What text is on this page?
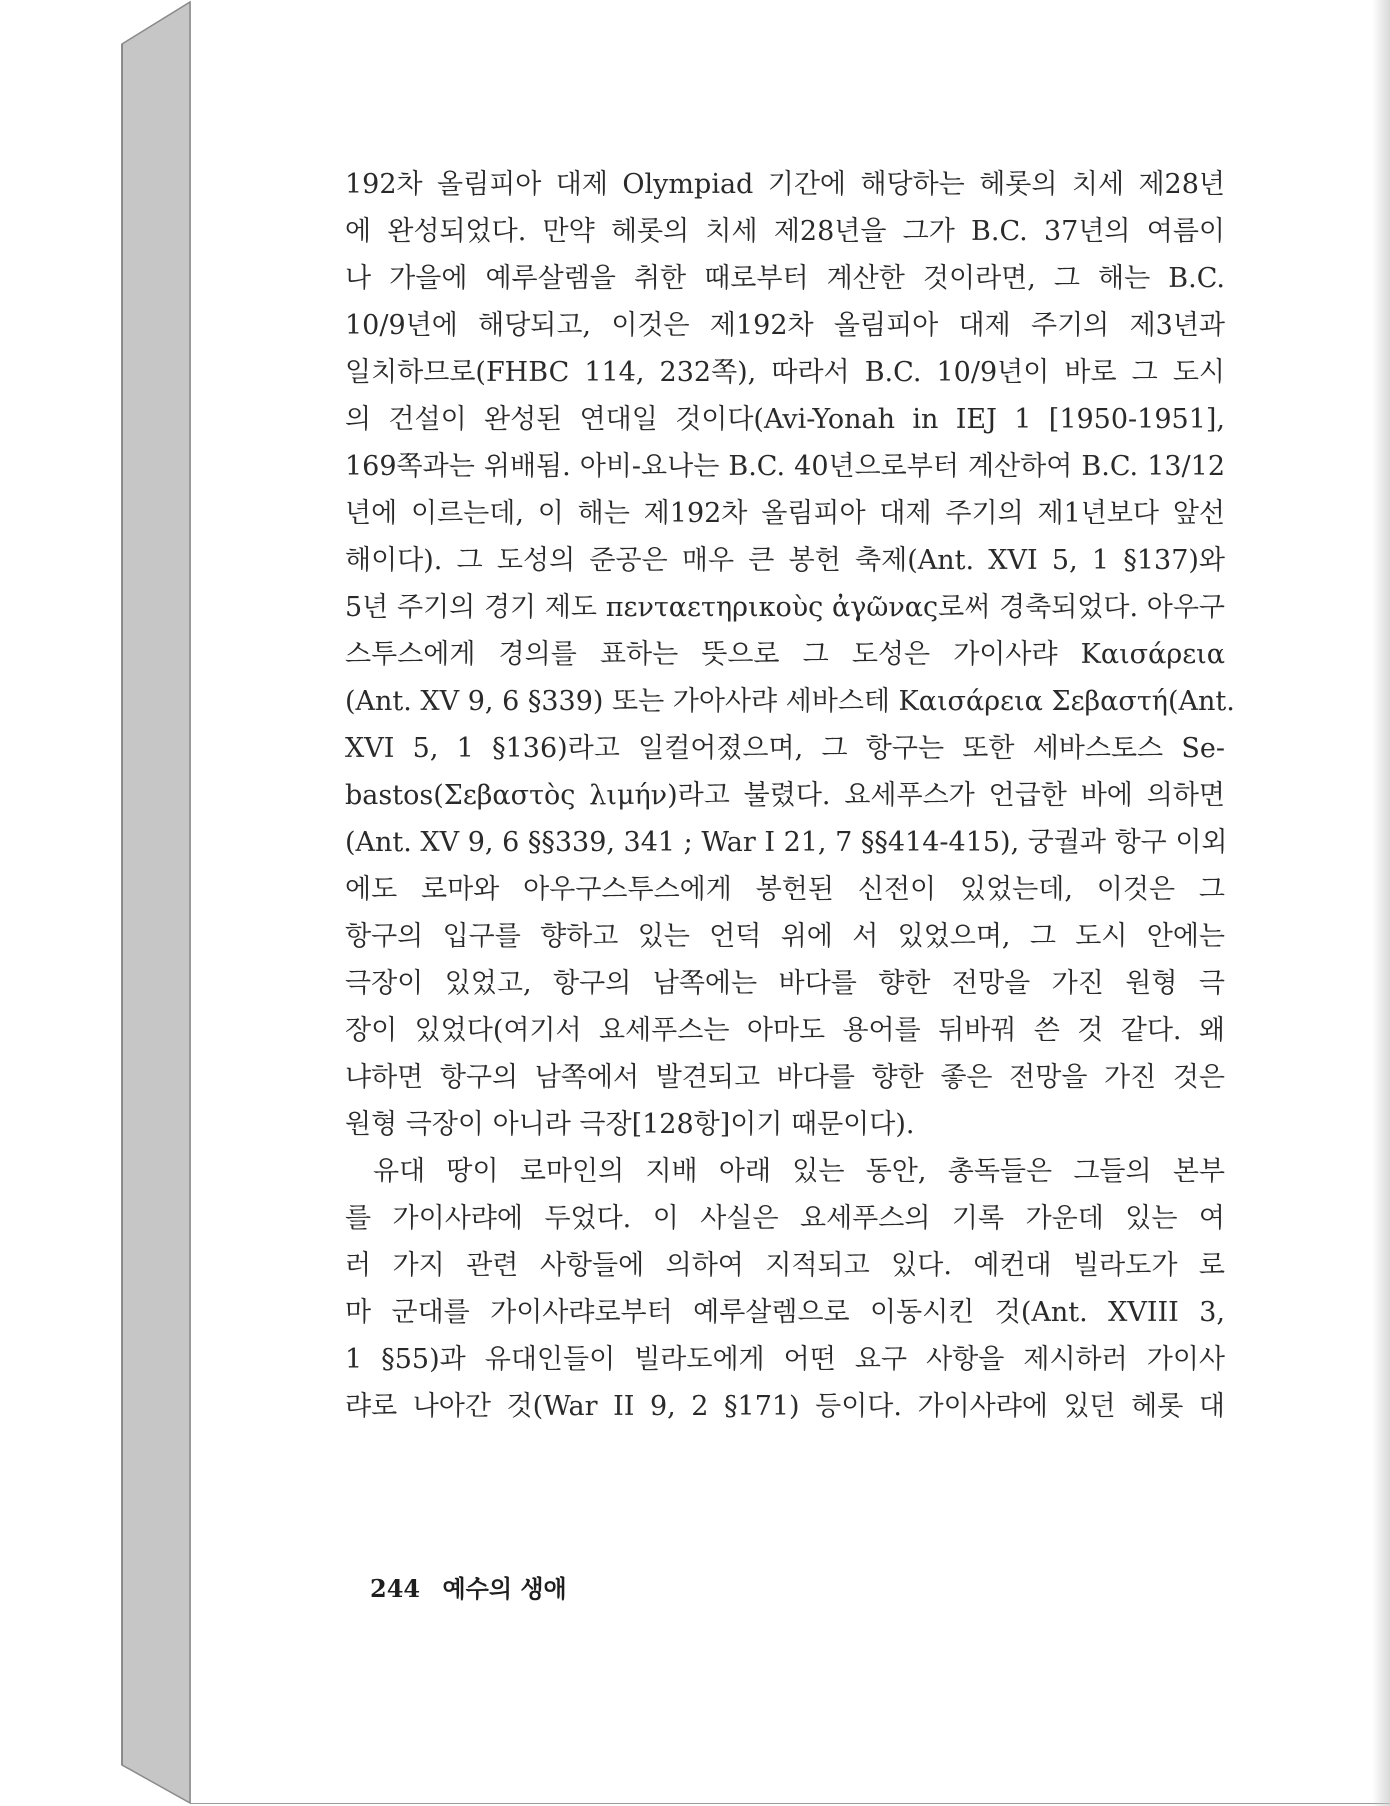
192차 올림피아 대제 Olympiad 기간에 해당하는 헤롯의 치세 제28년
에 완성되었다. 만약 헤롯의 치세 제28년을 그가 B.C. 37년의 여름이
나 가을에 예루살렘을 취한 때로부터 계산한 것이라면, 그 해는 B.C.
10/9년에 해당되고, 이것은 제192차 올림피아 대제 주기의 제3년과
일치하므로(FHBC 114, 232쪽), 따라서 B.C. 10/9년이 바로 그 도시
의 건설이 완성된 연대일 것이다(Avi-Yonah in IEJ 1 [1950-1951],
169쪽과는 위배됨. 아비-요나는 B.C. 40년으로부터 계산하여 B.C. 13/12
년에 이르는데, 이 해는 제192차 올림피아 대제 주기의 제1년보다 앞선
해이다). 그 도성의 준공은 매우 큰 봉헌 축제(Ant. XVI 5, 1 §137)와
5년 주기의 경기 제도 πενταετηρικοὺς ἀγῶνας로써 경축되었다. 아우구
스투스에게 경의를 표하는 뜻으로 그 도성은 가이사랴 Καισάρεια
(Ant. XV 9, 6 §339) 또는 가아사랴 세바스테 Καισάρεια Σεβαστή(Ant.
XVI 5, 1 §136)라고 일컬어졌으며, 그 항구는 또한 세바스토스 Se-
bastos(Σεβαστὸς λιμήν)라고 불렸다. 요세푸스가 언급한 바에 의하면
(Ant. XV 9, 6 §§339, 341 ; War I 21, 7 §§414-415), 궁궐과 항구 이외
에도 로마와 아우구스투스에게 봉헌된 신전이 있었는데, 이것은 그
항구의 입구를 향하고 있는 언덕 위에 서 있었으며, 그 도시 안에는
극장이 있었고, 항구의 남쪽에는 바다를 향한 전망을 가진 원형 극
장이 있었다(여기서 요세푸스는 아마도 용어를 뒤바꿔 쓴 것 같다. 왜
냐하면 항구의 남쪽에서 발견되고 바다를 향한 좋은 전망을 가진 것은
원형 극장이 아니라 극장[128항]이기 때문이다).
유대 땅이 로마인의 지배 아래 있는 동안, 총독들은 그들의 본부
를 가이사랴에 두었다. 이 사실은 요세푸스의 기록 가운데 있는 여
러 가지 관련 사항들에 의하여 지적되고 있다. 예컨대 빌라도가 로
마 군대를 가이사랴로부터 예루살렘으로 이동시킨 것(Ant. XVIII 3,
1 §55)과 유대인들이 빌라도에게 어떤 요구 사항을 제시하러 가이사
랴로 나아간 것(War II 9, 2 §171) 등이다. 가이사랴에 있던 헤롯 대
244 예수의 생애
